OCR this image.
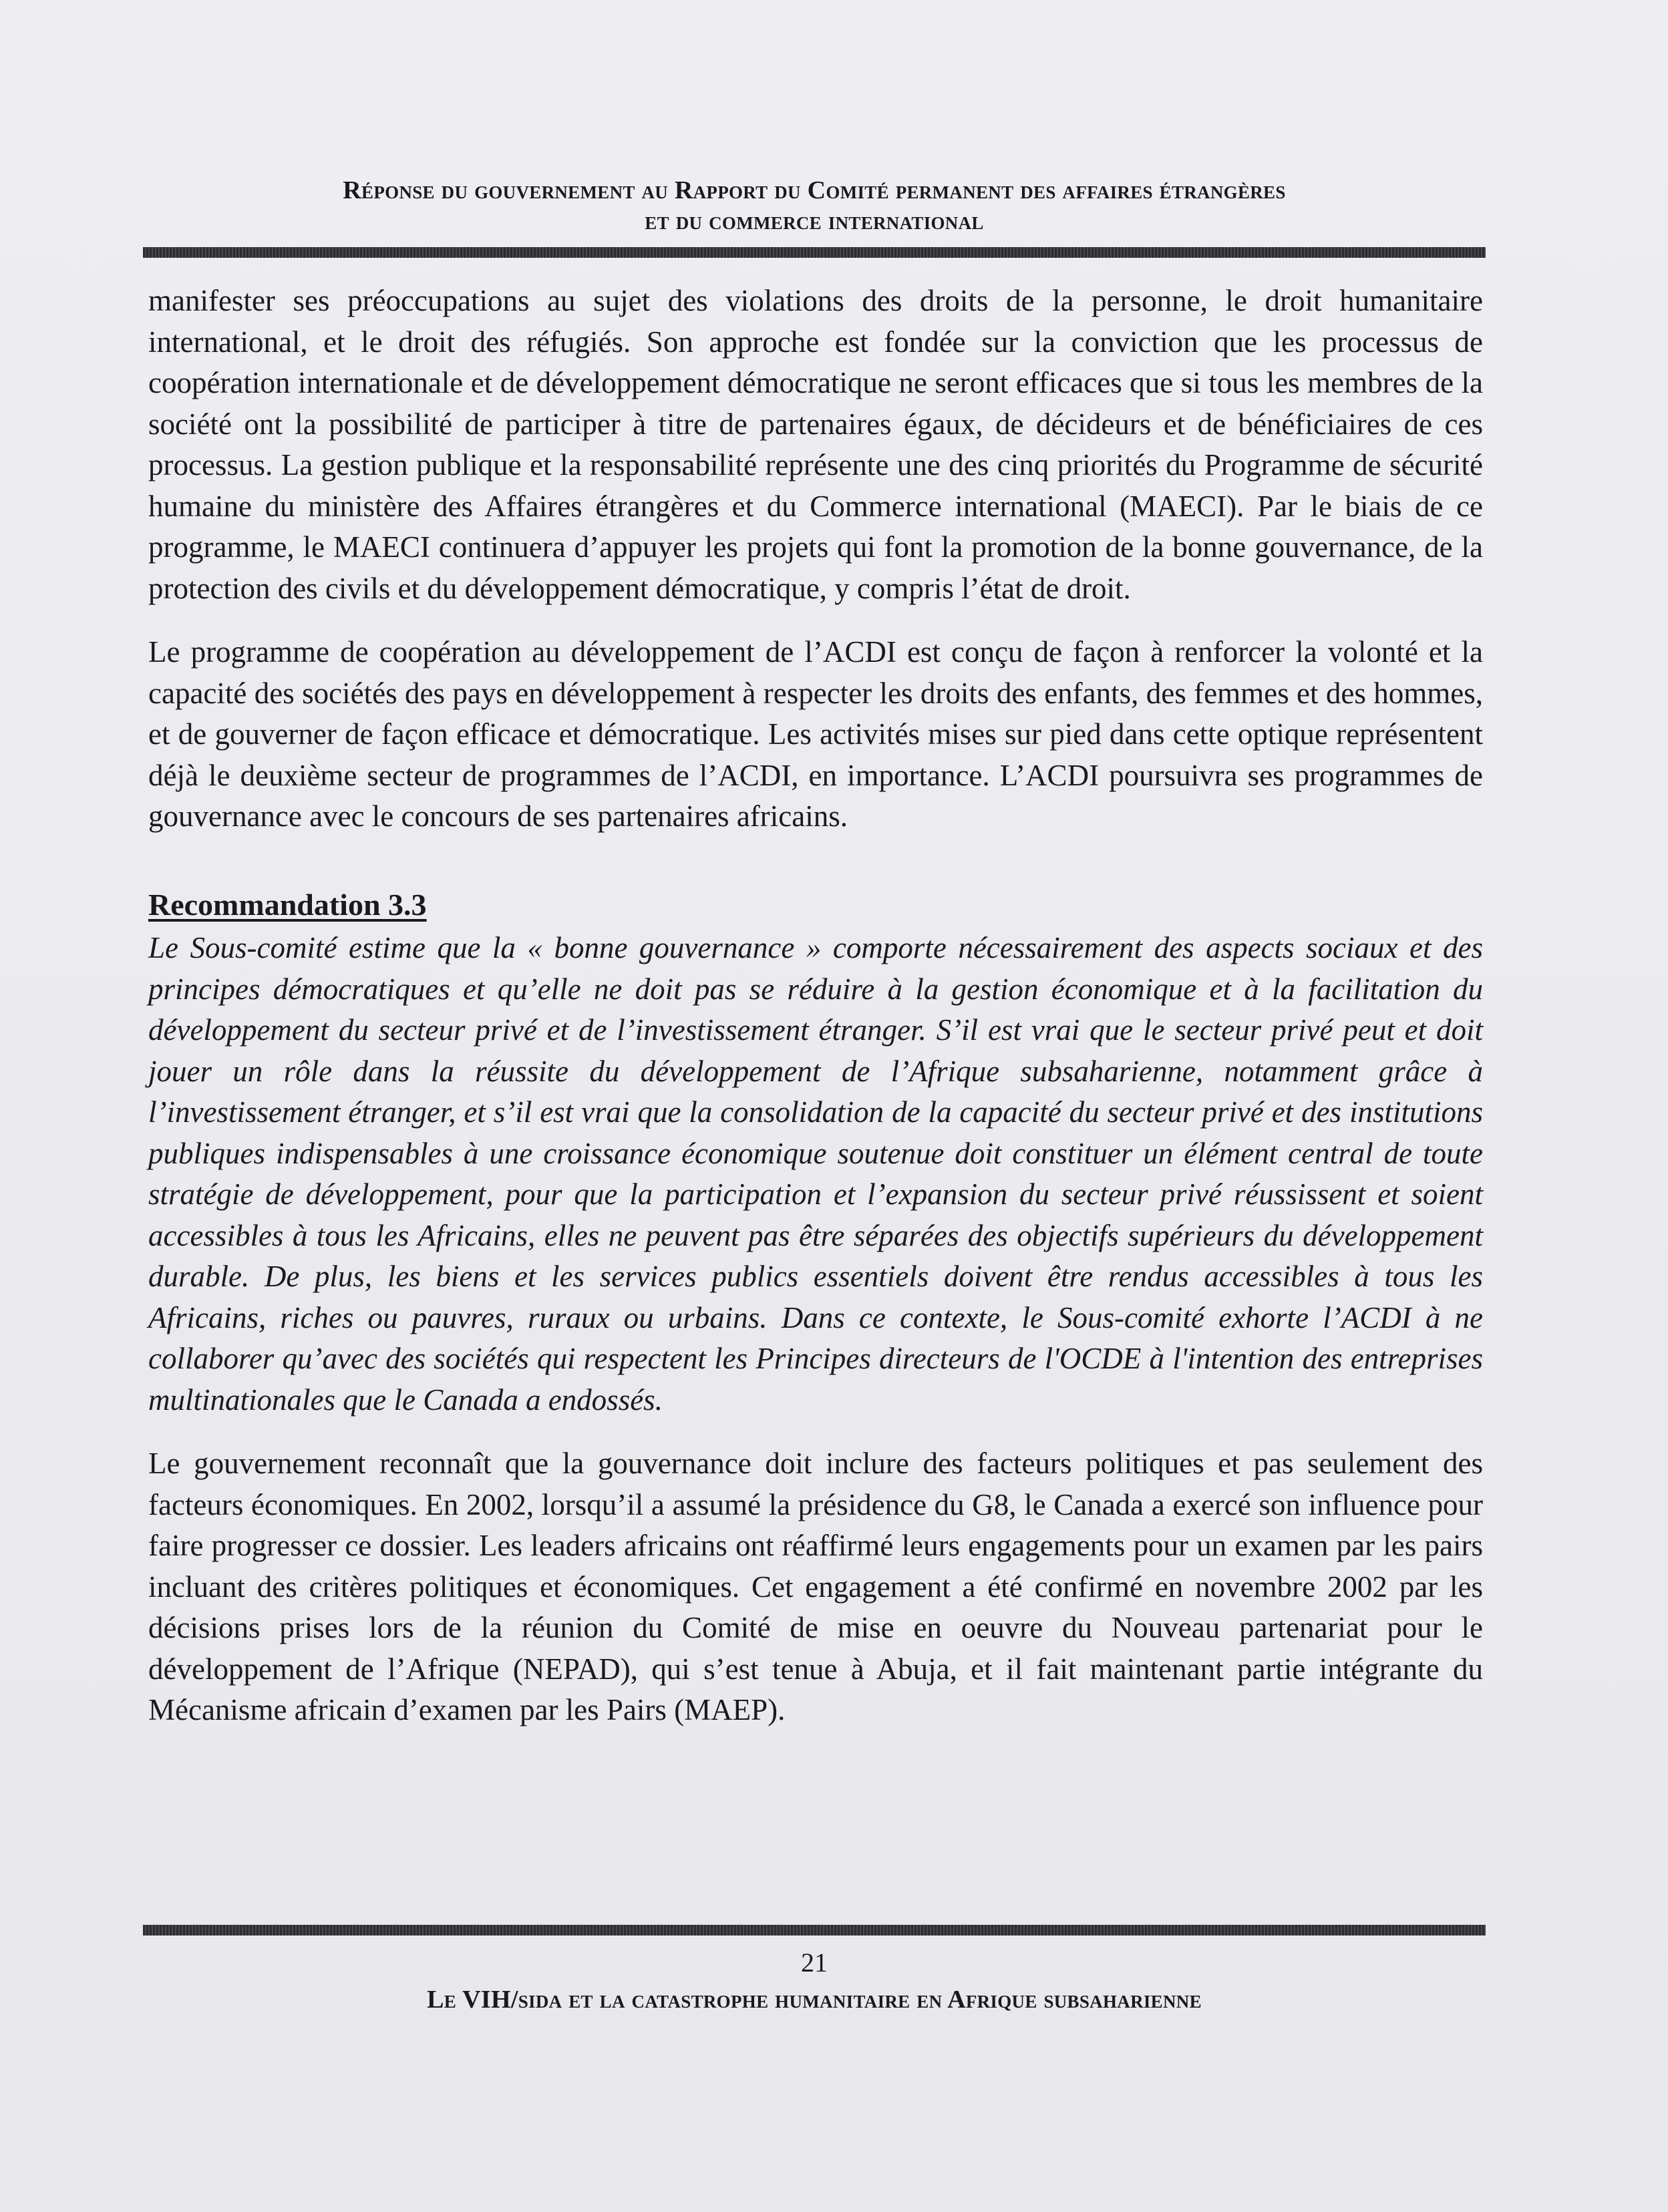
Réponse du gouvernement au Rapport du Comité permanent des affaires étrangères
et du commerce international

manifester ses préoccupations au sujet des violations des droits de la personne, le droit humanitaire international, et le droit des réfugiés. Son approche est fondée sur la conviction que les processus de coopération internationale et de développement démocratique ne seront efficaces que si tous les membres de la société ont la possibilité de participer à titre de partenaires égaux, de décideurs et de bénéficiaires de ces processus. La gestion publique et la responsabilité représente une des cinq priorités du Programme de sécurité humaine du ministère des Affaires étrangères et du Commerce international (MAECI). Par le biais de ce programme, le MAECI continuera d’appuyer les projets qui font la promotion de la bonne gouvernance, de la protection des civils et du développement démocratique, y compris l’état de droit.

Le programme de coopération au développement de l’ACDI est conçu de façon à renforcer la volonté et la capacité des sociétés des pays en développement à respecter les droits des enfants, des femmes et des hommes, et de gouverner de façon efficace et démocratique. Les activités mises sur pied dans cette optique représentent déjà le deuxième secteur de programmes de l’ACDI, en importance. L’ACDI poursuivra ses programmes de gouvernance avec le concours de ses partenaires africains.

Recommandation 3.3

Le Sous-comité estime que la « bonne gouvernance » comporte nécessairement des aspects sociaux et des principes démocratiques et qu’elle ne doit pas se réduire à la gestion économique et à la facilitation du développement du secteur privé et de l’investissement étranger. S’il est vrai que le secteur privé peut et doit jouer un rôle dans la réussite du développement de l’Afrique subsaharienne, notamment grâce à l’investissement étranger, et s’il est vrai que la consolidation de la capacité du secteur privé et des institutions publiques indispensables à une croissance économique soutenue doit constituer un élément central de toute stratégie de développement, pour que la participation et l’expansion du secteur privé réussissent et soient accessibles à tous les Africains, elles ne peuvent pas être séparées des objectifs supérieurs du développement durable. De plus, les biens et les services publics essentiels doivent être rendus accessibles à tous les Africains, riches ou pauvres, ruraux ou urbains. Dans ce contexte, le Sous-comité exhorte l’ACDI à ne collaborer qu’avec des sociétés qui respectent les Principes directeurs de l'OCDE à l'intention des entreprises multinationales que le Canada a endossés.

Le gouvernement reconnaît que la gouvernance doit inclure des facteurs politiques et pas seulement des facteurs économiques. En 2002, lorsqu’il a assumé la présidence du G8, le Canada a exercé son influence pour faire progresser ce dossier. Les leaders africains ont réaffirmé leurs engagements pour un examen par les pairs incluant des critères politiques et économiques. Cet engagement a été confirmé en novembre 2002 par les décisions prises lors de la réunion du Comité de mise en oeuvre du Nouveau partenariat pour le développement de l’Afrique (NEPAD), qui s’est tenue à Abuja, et il fait maintenant partie intégrante du Mécanisme africain d’examen par les Pairs (MAEP).

21
Le VIH/sida et la catastrophe humanitaire en Afrique subsaharienne
